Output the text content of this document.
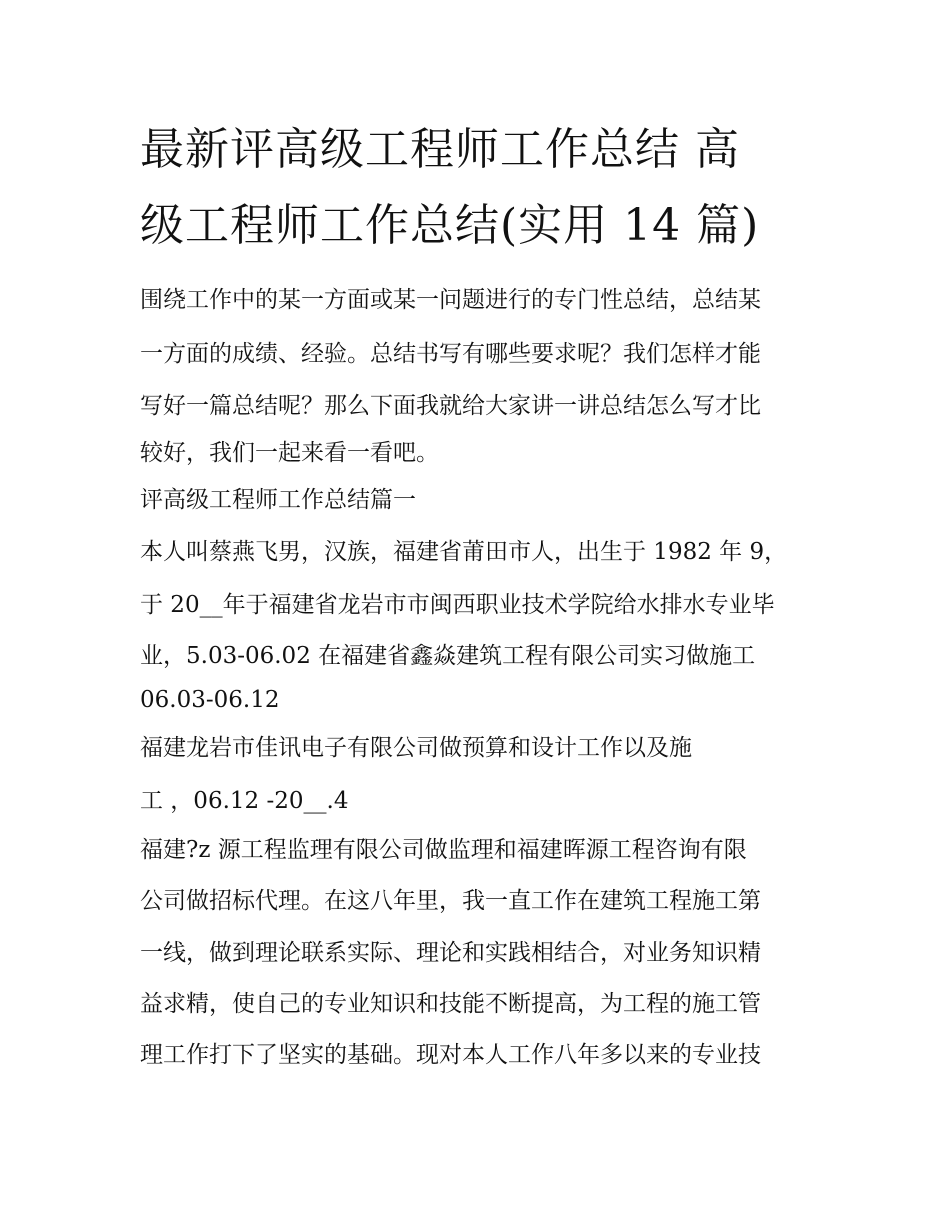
最新评高级工程师工作总结 高
级工程师工作总结(实用 14 篇)

围绕工作中的某一方面或某一问题进行的专门性总结，总结某

一方面的成绩、经验。总结书写有哪些要求呢？我们怎样才能

写好一篇总结呢？那么下面我就给大家讲一讲总结怎么写才比

较好，我们一起来看一看吧。

评高级工程师工作总结篇一

本人叫蔡燕飞男，汉族，福建省莆田市人，出生于 1982 年 9，

于 20__年于福建省龙岩市市闽西职业技术学院给水排水专业毕

业，5.03-06.02 在福建省鑫焱建筑工程有限公司实习做施工

06.03-06.12

福建龙岩市佳讯电子有限公司做预算和设计工作以及施

工 ，06.12 -20__.4

福建?z 源工程监理有限公司做监理和福建晖源工程咨询有限

公司做招标代理。在这八年里，我一直工作在建筑工程施工第

一线，做到理论联系实际、理论和实践相结合，对业务知识精

益求精，使自己的专业知识和技能不断提高，为工程的施工管

理工作打下了坚实的基础。现对本人工作八年多以来的专业技
